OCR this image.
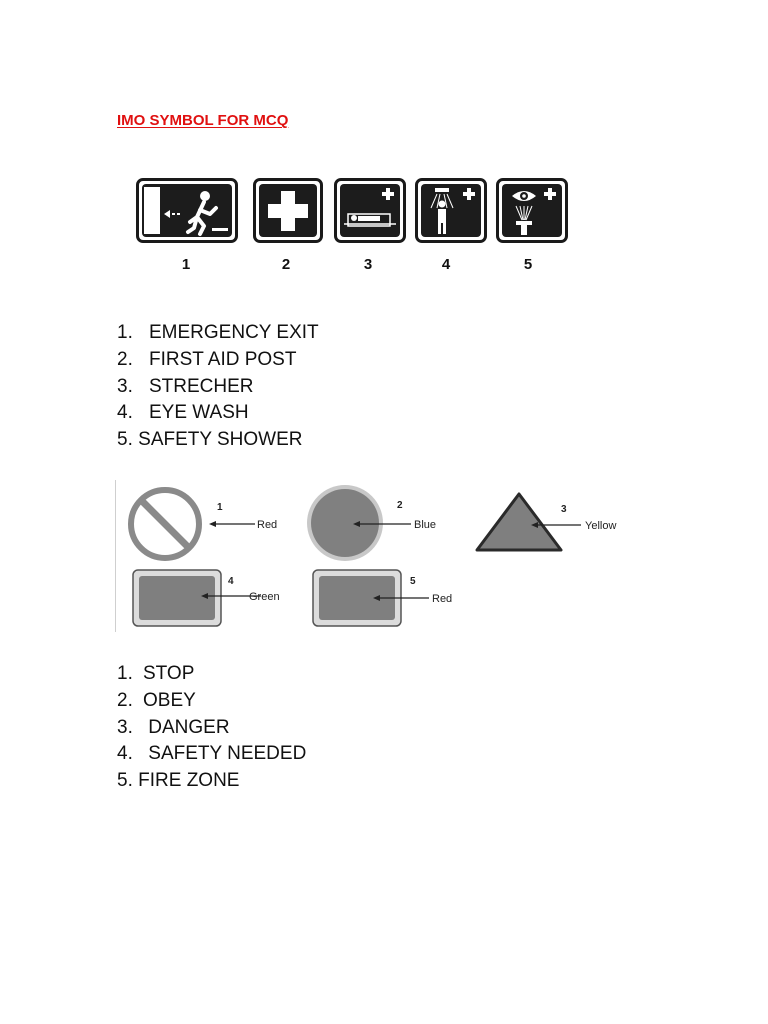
IMO SYMBOL FOR MCQ
1	2	3	4	5
1. EMERGENCY EXIT
2. FIRST AID POST
3. STRECHER
4. EYE WASH
5. SAFETY SHOWER
1
Red
2
Blue
3
Yellow
4
Green
5
Red
1. STOP
2. OBEY
3. DANGER
4. SAFETY NEEDED
5. FIRE ZONE
